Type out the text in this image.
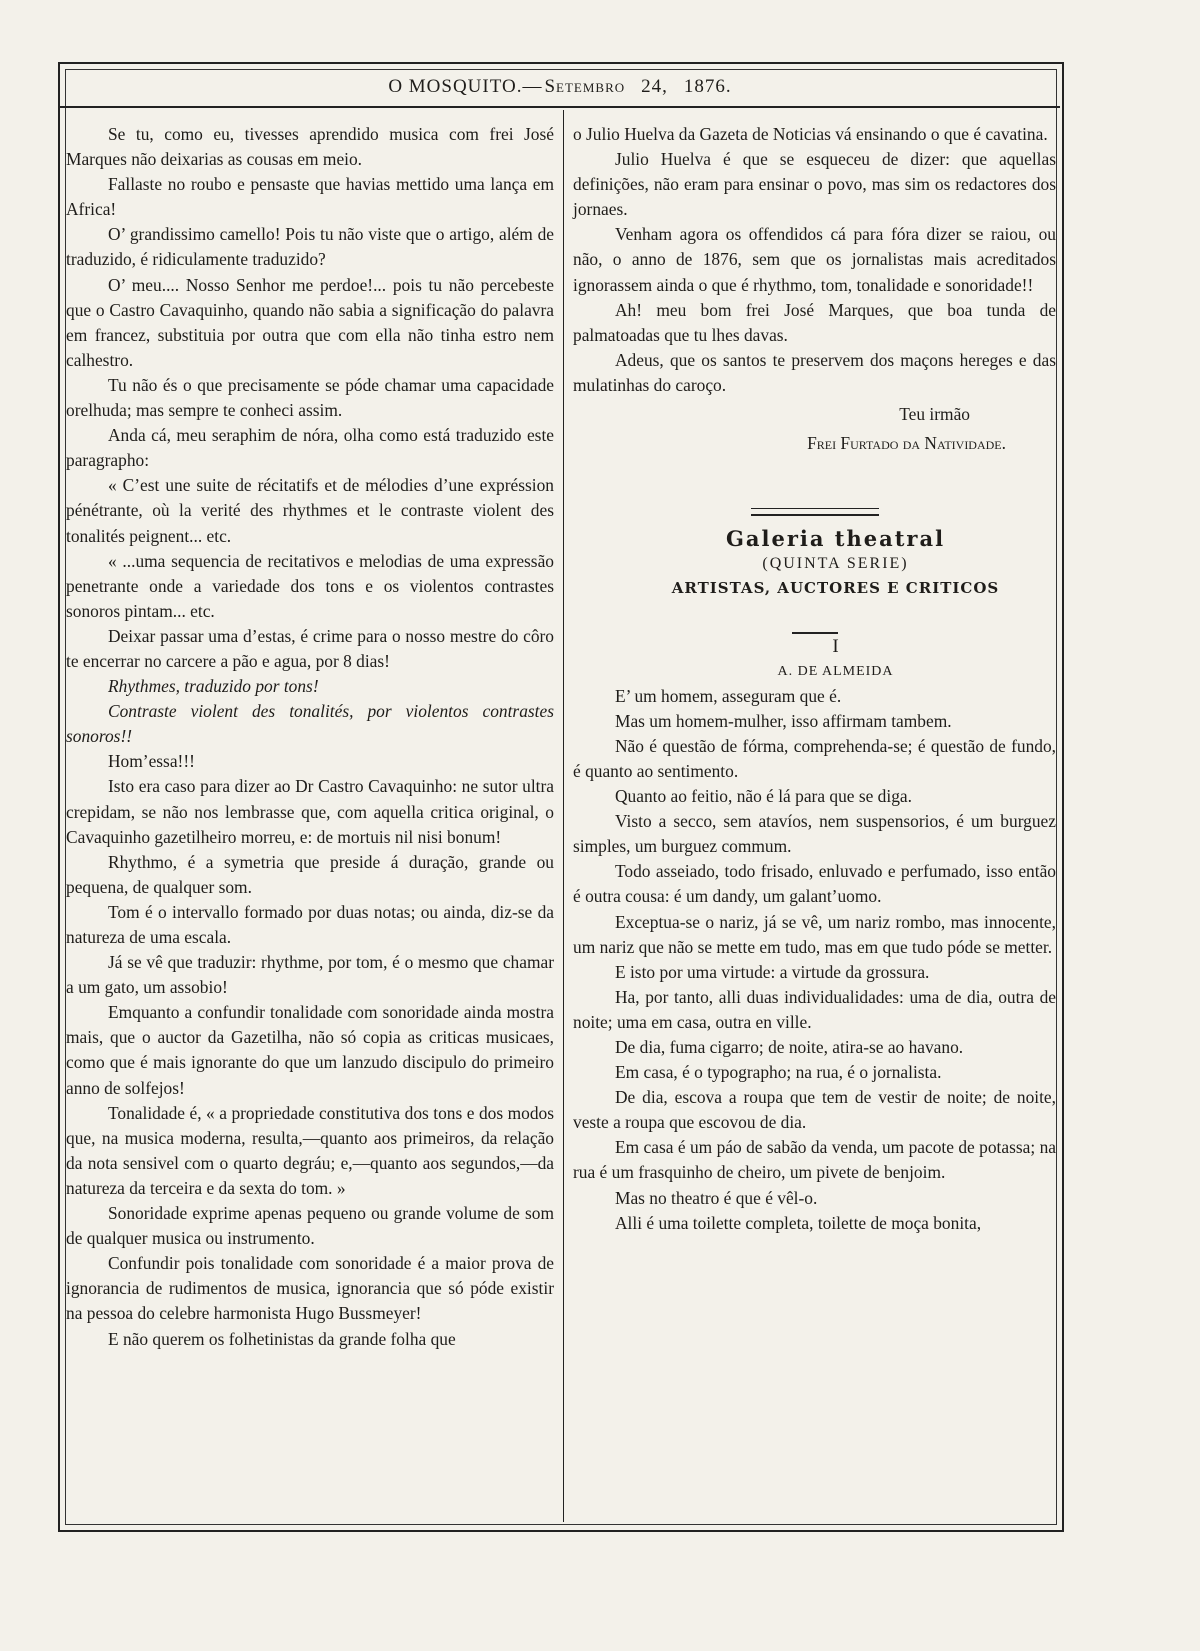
O MOSQUITO.— Setembro 24, 1876.

Se tu, como eu, tivesses aprendido musica com frei José Marques não deixarias as cousas em meio.

Fallaste no roubo e pensaste que havias mettido uma lança em Africa!

O’ grandissimo camello! Pois tu não viste que o artigo, além de traduzido, é ridiculamente traduzido?

O’ meu.... Nosso Senhor me perdoe!... pois tu não percebeste que o Castro Cavaquinho, quando não sabia a significação do palavra em francez, substituia por outra que com ella não tinha estro nem calhestro.

Tu não és o que precisamente se póde chamar uma capacidade orelhuda; mas sempre te conheci assim.

Anda cá, meu seraphim de nóra, olha como está traduzido este paragrapho:

« C’est une suite de récitatifs et de mélodies d’une expréssion pénétrante, où la verité des rhythmes et le contraste violent des tonalités peignent... etc.

« ...uma sequencia de recitativos e melodias de uma expressão penetrante onde a variedade dos tons e os violentos contrastes sonoros pintam... etc.

Deixar passar uma d’estas, é crime para o nosso mestre do côro te encerrar no carcere a pão e agua, por 8 dias!

Rhythmes, traduzido por tons!

Contraste violent des tonalités, por violentos contrastes sonoros!!

Hom’essa!!!

Isto era caso para dizer ao Dr Castro Cavaquinho: ne sutor ultra crepidam, se não nos lembrasse que, com aquella critica original, o Cavaquinho gazetilheiro morreu, e: de mortuis nil nisi bonum!

Rhythmo, é a symetria que preside á duração, grande ou pequena, de qualquer som.

Tom é o intervallo formado por duas notas; ou ainda, diz-se da natureza de uma escala.

Já se vê que traduzir: rhythme, por tom, é o mesmo que chamar a um gato, um assobio!

Emquanto a confundir tonalidade com sonoridade ainda mostra mais, que o auctor da Gazetilha, não só copia as criticas musicaes, como que é mais ignorante do que um lanzudo discipulo do primeiro anno de solfejos!

Tonalidade é, « a propriedade constitutiva dos tons e dos modos que, na musica moderna, resulta,—quanto aos primeiros, da relação da nota sensivel com o quarto degráu; e,—quanto aos segundos,—da natureza da terceira e da sexta do tom. »

Sonoridade exprime apenas pequeno ou grande volume de som de qualquer musica ou instrumento.

Confundir pois tonalidade com sonoridade é a maior prova de ignorancia de rudimentos de musica, ignorancia que só póde existir na pessoa do celebre harmonista Hugo Bussmeyer!

E não querem os folhetinistas da grande folha que

o Julio Huelva da Gazeta de Noticias vá ensinando o que é cavatina.

Julio Huelva é que se esqueceu de dizer: que aquellas definições, não eram para ensinar o povo, mas sim os redactores dos jornaes.

Venham agora os offendidos cá para fóra dizer se raiou, ou não, o anno de 1876, sem que os jornalistas mais acreditados ignorassem ainda o que é rhythmo, tom, tonalidade e sonoridade!!

Ah! meu bom frei José Marques, que boa tunda de palmatoadas que tu lhes davas.

Adeus, que os santos te preservem dos maçons hereges e das mulatinhas do caroço.

Teu irmão

Frei Furtado da Natividade.

Galeria theatral

(QUINTA SERIE)

ARTISTAS, AUCTORES E CRITICOS

I

A. DE ALMEIDA

E’ um homem, asseguram que é.

Mas um homem-mulher, isso affirmam tambem.

Não é questão de fórma, comprehenda-se; é questão de fundo, é quanto ao sentimento.

Quanto ao feitio, não é lá para que se diga.

Visto a secco, sem atavíos, nem suspensorios, é um burguez simples, um burguez commum.

Todo asseiado, todo frisado, enluvado e perfumado, isso então é outra cousa: é um dandy, um galant’uomo.

Exceptua-se o nariz, já se vê, um nariz rombo, mas innocente, um nariz que não se mette em tudo, mas em que tudo póde se metter.

E isto por uma virtude: a virtude da grossura.

Ha, por tanto, alli duas individualidades: uma de dia, outra de noite; uma em casa, outra en ville.

De dia, fuma cigarro; de noite, atira-se ao havano.

Em casa, é o typographo; na rua, é o jornalista.

De dia, escova a roupa que tem de vestir de noite; de noite, veste a roupa que escovou de dia.

Em casa é um páo de sabão da venda, um pacote de potassa; na rua é um frasquinho de cheiro, um pivete de benjoim.

Mas no theatro é que é vêl-o.

Alli é uma toilette completa, toilette de moça bonita,
